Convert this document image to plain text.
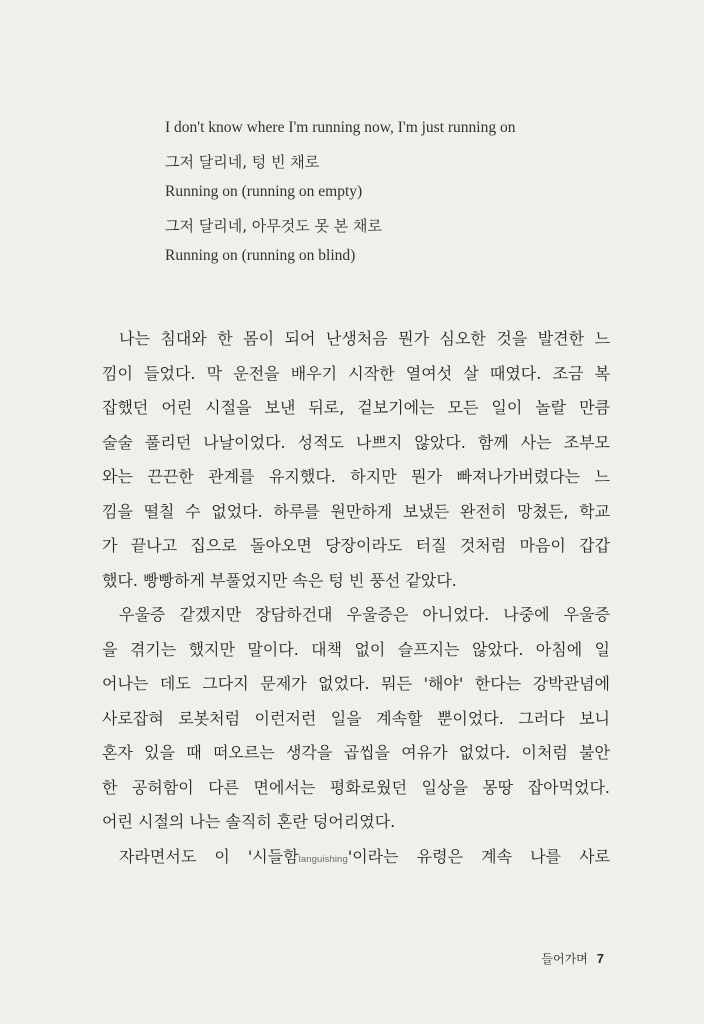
I don't know where I'm running now, I'm just running on

그저 달리네, 텅 빈 채로

Running on (running on empty)

그저 달리네, 아무것도 못 본 채로

Running on (running on blind)

나는 침대와 한 몸이 되어 난생처음 뭔가 심오한 것을 발견한 느
낌이 들었다. 막 운전을 배우기 시작한 열여섯 살 때였다. 조금 복
잡했던 어린 시절을 보낸 뒤로, 겉보기에는 모든 일이 놀랄 만큼
술술 풀리던 나날이었다. 성적도 나쁘지 않았다. 함께 사는 조부모
와는 끈끈한 관계를 유지했다. 하지만 뭔가 빠져나가버렸다는 느
낌을 떨칠 수 없었다. 하루를 원만하게 보냈든 완전히 망쳤든, 학교
가 끝나고 집으로 돌아오면 당장이라도 터질 것처럼 마음이 갑갑
했다. 빵빵하게 부풀었지만 속은 텅 빈 풍선 같았다.
우울증 같겠지만 장담하건대 우울증은 아니었다. 나중에 우울증
을 겪기는 했지만 말이다. 대책 없이 슬프지는 않았다. 아침에 일
어나는 데도 그다지 문제가 없었다. 뭐든 '해야' 한다는 강박관념에
사로잡혀 로봇처럼 이런저런 일을 계속할 뿐이었다. 그러다 보니
혼자 있을 때 떠오르는 생각을 곱씹을 여유가 없었다. 이처럼 불안
한 공허함이 다른 면에서는 평화로웠던 일상을 몽땅 잡아먹었다.
어린 시절의 나는 솔직히 혼란 덩어리였다.
자라면서도 이 '시들함languishing'이라는 유령은 계속 나를 사로
들어가며 7
